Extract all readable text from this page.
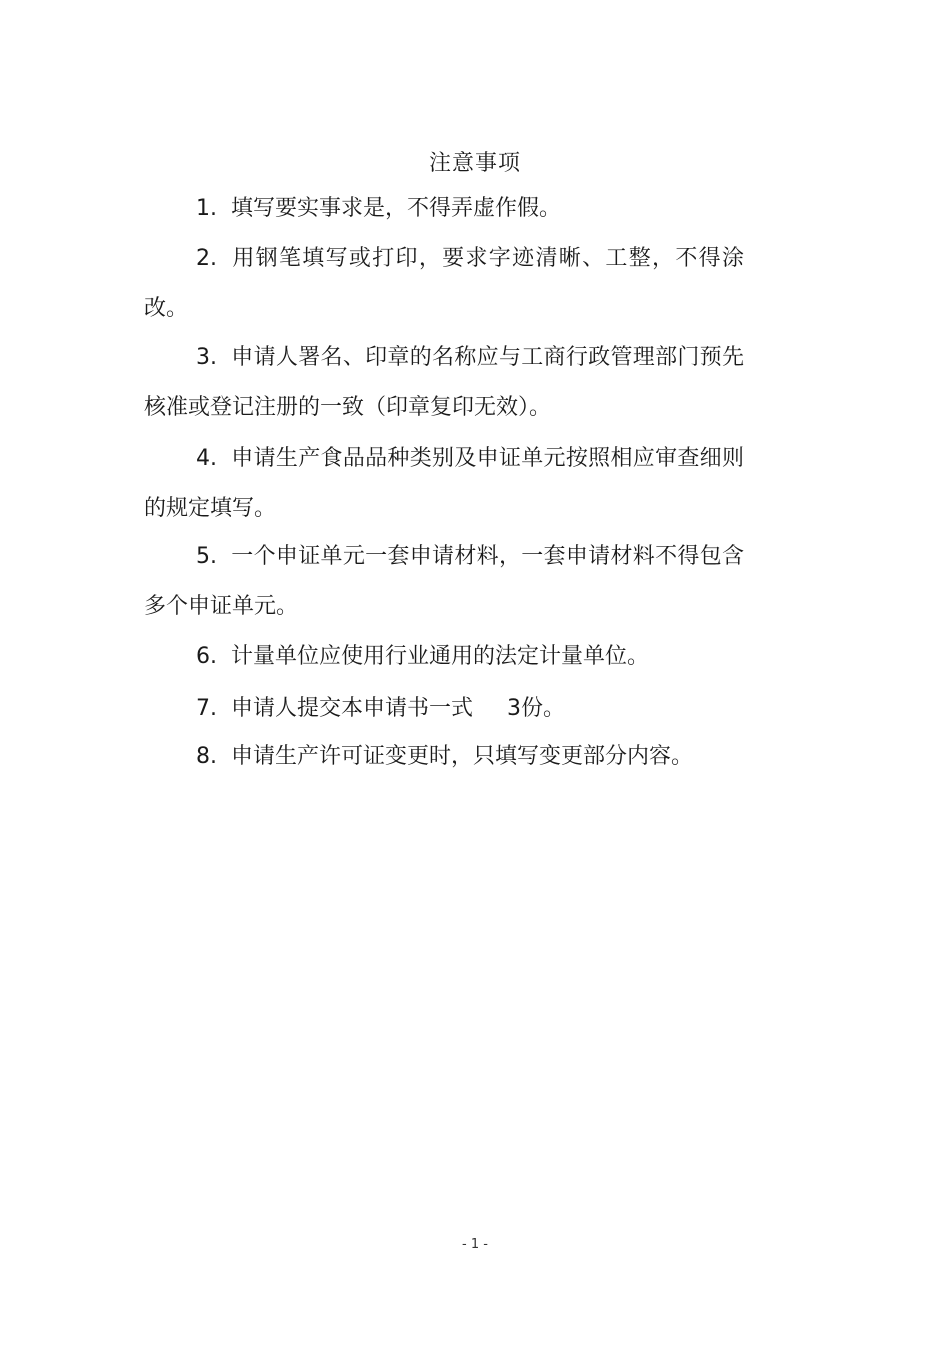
注意事项
1. 填写要实事求是，不得弄虚作假。
2. 用钢笔填写或打印，要求字迹清晰、工整，不得涂改。
3. 申请人署名、印章的名称应与工商行政管理部门预先核准或登记注册的一致（印章复印无效）。
4. 申请生产食品品种类别及申证单元按照相应审查细则的规定填写。
5. 一个申证单元一套申请材料，一套申请材料不得包含多个申证单元。
6. 计量单位应使用行业通用的法定计量单位。
7. 申请人提交本申请书一式 3份。
8. 申请生产许可证变更时，只填写变更部分内容。
- 1 -
